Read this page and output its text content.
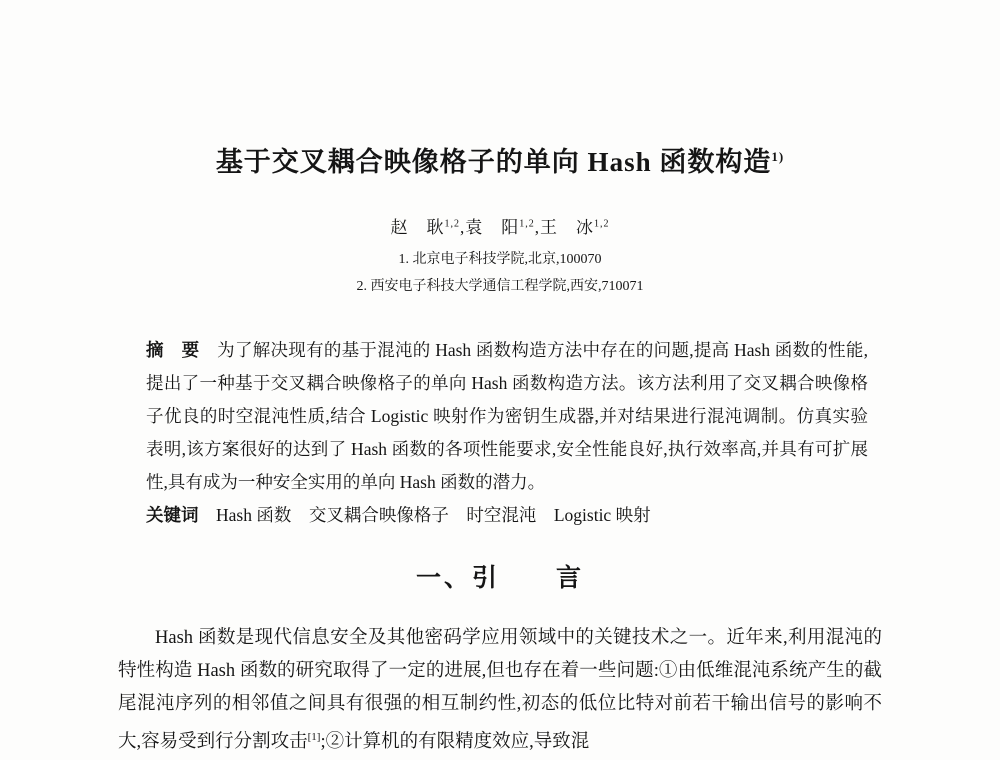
基于交叉耦合映像格子的单向 Hash 函数构造$^{1)}$
赵　耿$^{1,2}$,袁　阳$^{1,2}$,王　冰$^{1,2}$
1. 北京电子科技学院,北京,100070
2. 西安电子科技大学通信工程学院,西安,710071

摘　要　 为了解决现有的基于混沌的 Hash 函数构造方法中存在的问题,提高 Hash 函数的性能,提出了一种基于交叉耦合映像格子的单向 Hash 函数构造方法。该方法利用了交叉耦合映像格子优良的时空混沌性质,结合 Logistic 映射作为密钥生成器,并对结果进行混沌调制。仿真实验表明,该方案很好的达到了 Hash 函数的各项性能要求,安全性能良好,执行效率高,并具有可扩展性,具有成为一种安全实用的单向 Hash 函数的潜力。

关键词　 Hash 函数　交叉耦合映像格子　时空混沌　Logistic 映射

一、引　　言

Hash 函数是现代信息安全及其他密码学应用领域中的关键技术之一。近年来,利用混沌的特性构造 Hash 函数的研究取得了一定的进展,但也存在着一些问题:①由低维混沌系统产生的截尾混沌序列的相邻值之间具有很强的相互制约性,初态的低位比特对前若干输出信号的影响不大,容易受到行分割攻击[1];②计算机的有限精度效应,导致混
